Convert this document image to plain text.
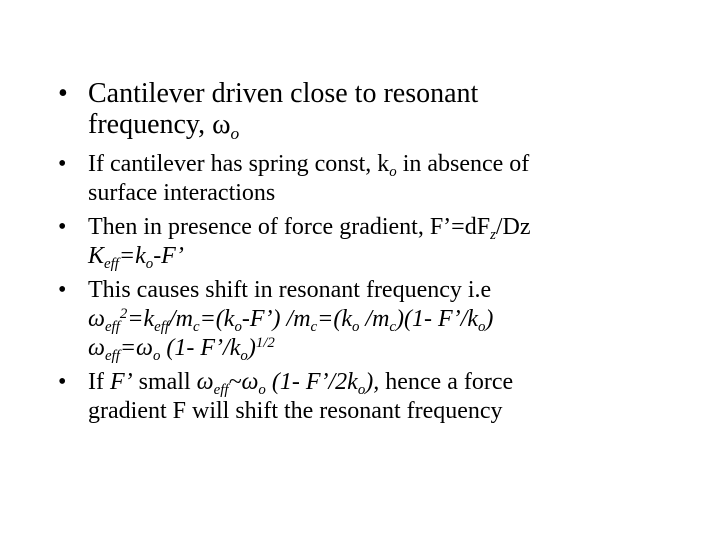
• Cantilever driven close to resonant
frequency, $\omega_o$
• If cantilever has spring const, $k_o$ in absence of
surface interactions
• Then in presence of force gradient, $F’=dF_z/Dz$
$K_{eff}=k_o-F$’
• This causes shift in resonant frequency i.e
$\omega_{eff}^2=k_{eff}/m_c=(k_o-F’)$ $/m_c=(k_o$ $/m_c)(1-$ $F’/k_o$)
$\omega_{eff}=\omega_o$ (1- $F’/k_o)^{1/2}$
• If F’ small $\omega_{eff}\sim\omega_o$ (1- $F’/2k_o$), hence a force
gradient F will shift the resonant frequency
